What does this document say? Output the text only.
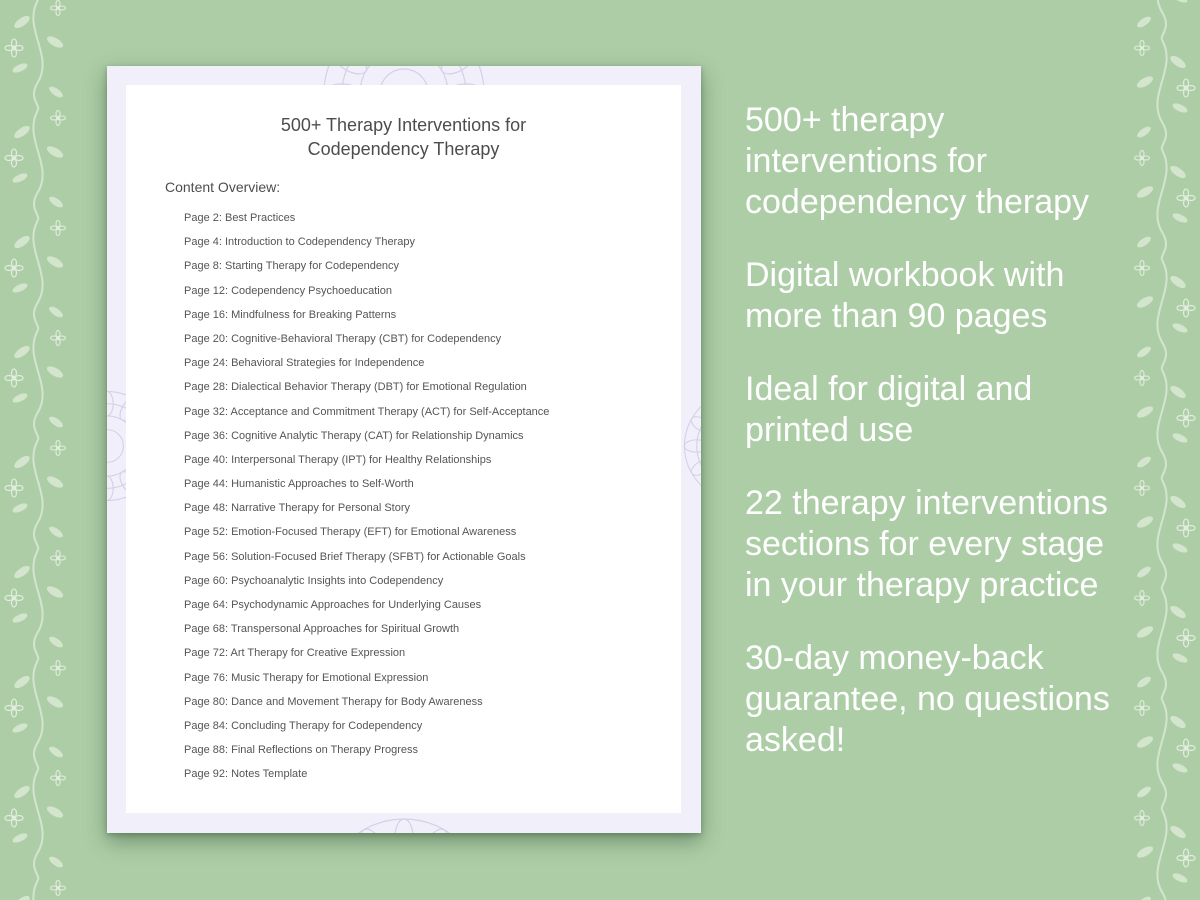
500+ Therapy Interventions for
Codependency Therapy
Content Overview:
Page 2: Best Practices
Page 4: Introduction to Codependency Therapy
Page 8: Starting Therapy for Codependency
Page 12: Codependency Psychoeducation
Page 16: Mindfulness for Breaking Patterns
Page 20: Cognitive-Behavioral Therapy (CBT) for Codependency
Page 24: Behavioral Strategies for Independence
Page 28: Dialectical Behavior Therapy (DBT) for Emotional Regulation
Page 32: Acceptance and Commitment Therapy (ACT) for Self-Acceptance
Page 36: Cognitive Analytic Therapy (CAT) for Relationship Dynamics
Page 40: Interpersonal Therapy (IPT) for Healthy Relationships
Page 44: Humanistic Approaches to Self-Worth
Page 48: Narrative Therapy for Personal Story
Page 52: Emotion-Focused Therapy (EFT) for Emotional Awareness
Page 56: Solution-Focused Brief Therapy (SFBT) for Actionable Goals
Page 60: Psychoanalytic Insights into Codependency
Page 64: Psychodynamic Approaches for Underlying Causes
Page 68: Transpersonal Approaches for Spiritual Growth
Page 72: Art Therapy for Creative Expression
Page 76: Music Therapy for Emotional Expression
Page 80: Dance and Movement Therapy for Body Awareness
Page 84: Concluding Therapy for Codependency
Page 88: Final Reflections on Therapy Progress
Page 92: Notes Template

500+ therapy interventions for codependency therapy

Digital workbook with more than 90 pages

Ideal for digital and printed use

22 therapy interventions sections for every stage in your therapy practice

30-day money-back guarantee, no questions asked!
